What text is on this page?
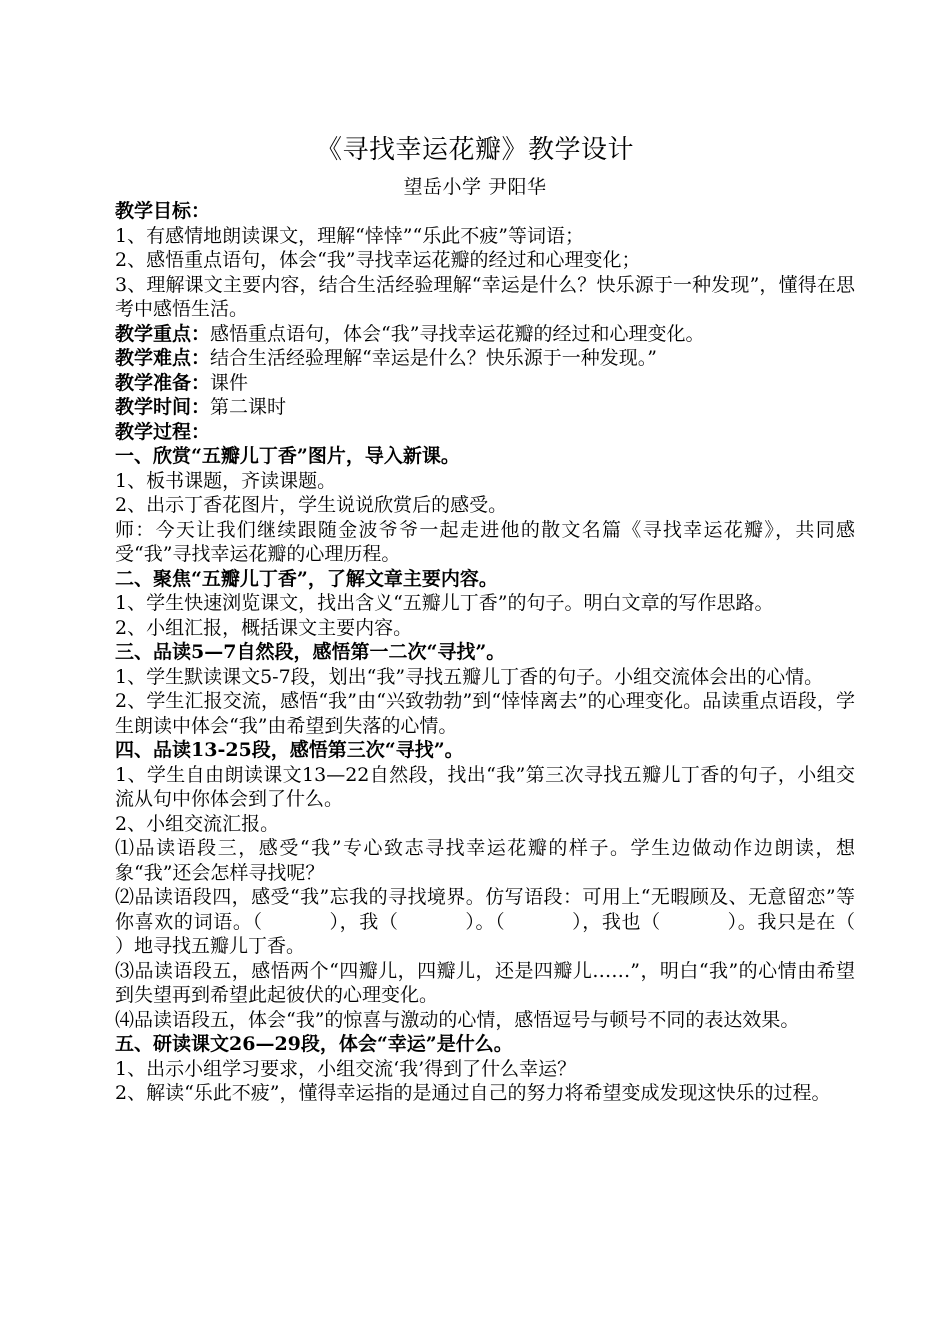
《寻找幸运花瓣》教学设计
望岳小学 尹阳华

教学目标：

1、有感情地朗读课文，理解“悻悻”“乐此不疲”等词语；

2、感悟重点语句，体会“我”寻找幸运花瓣的经过和心理变化；

3、理解课文主要内容，结合生活经验理解“幸运是什么？快乐源于一种发现”，懂得在思考中感悟生活。

教学重点：感悟重点语句，体会“我”寻找幸运花瓣的经过和心理变化。

教学难点：结合生活经验理解“幸运是什么？快乐源于一种发现。”

教学准备：课件

教学时间：第二课时

教学过程：

一、欣赏“五瓣儿丁香”图片，导入新课。

1、板书课题，齐读课题。

2、出示丁香花图片，学生说说欣赏后的感受。

师：今天让我们继续跟随金波爷爷一起走进他的散文名篇《寻找幸运花瓣》，共同感受“我”寻找幸运花瓣的心理历程。

二、聚焦“五瓣儿丁香”，了解文章主要内容。

1、学生快速浏览课文，找出含义“五瓣儿丁香”的句子。明白文章的写作思路。

2、小组汇报，概括课文主要内容。

三、品读5—7自然段，感悟第一二次“寻找”。

1、学生默读课文5-7段，划出“我”寻找五瓣儿丁香的句子。小组交流体会出的心情。

2、学生汇报交流，感悟“我”由“兴致勃勃”到“悻悻离去”的心理变化。品读重点语段，学生朗读中体会“我”由希望到失落的心情。

四、品读13-25段，感悟第三次“寻找”。

1、学生自由朗读课文13—22自然段，找出“我”第三次寻找五瓣儿丁香的句子，小组交流从句中你体会到了什么。

2、小组交流汇报。

⑴品读语段三，感受“我”专心致志寻找幸运花瓣的样子。学生边做动作边朗读，想象“我”还会怎样寻找呢？

⑵品读语段四，感受“我”忘我的寻找境界。仿写语段：可用上“无暇顾及、无意留恋”等你喜欢的词语。（          ），我（          ）。（          ），我也（          ）。我只是在（          ）地寻找五瓣儿丁香。

⑶品读语段五，感悟两个“四瓣儿，四瓣儿，还是四瓣儿……”，明白“我”的心情由希望到失望再到希望此起彼伏的心理变化。

⑷品读语段五，体会“我”的惊喜与激动的心情，感悟逗号与顿号不同的表达效果。

五、研读课文26—29段，体会“幸运”是什么。

1、出示小组学习要求，小组交流‘我’得到了什么幸运？

2、解读“乐此不疲”，懂得幸运指的是通过自己的努力将希望变成发现这快乐的过程。
